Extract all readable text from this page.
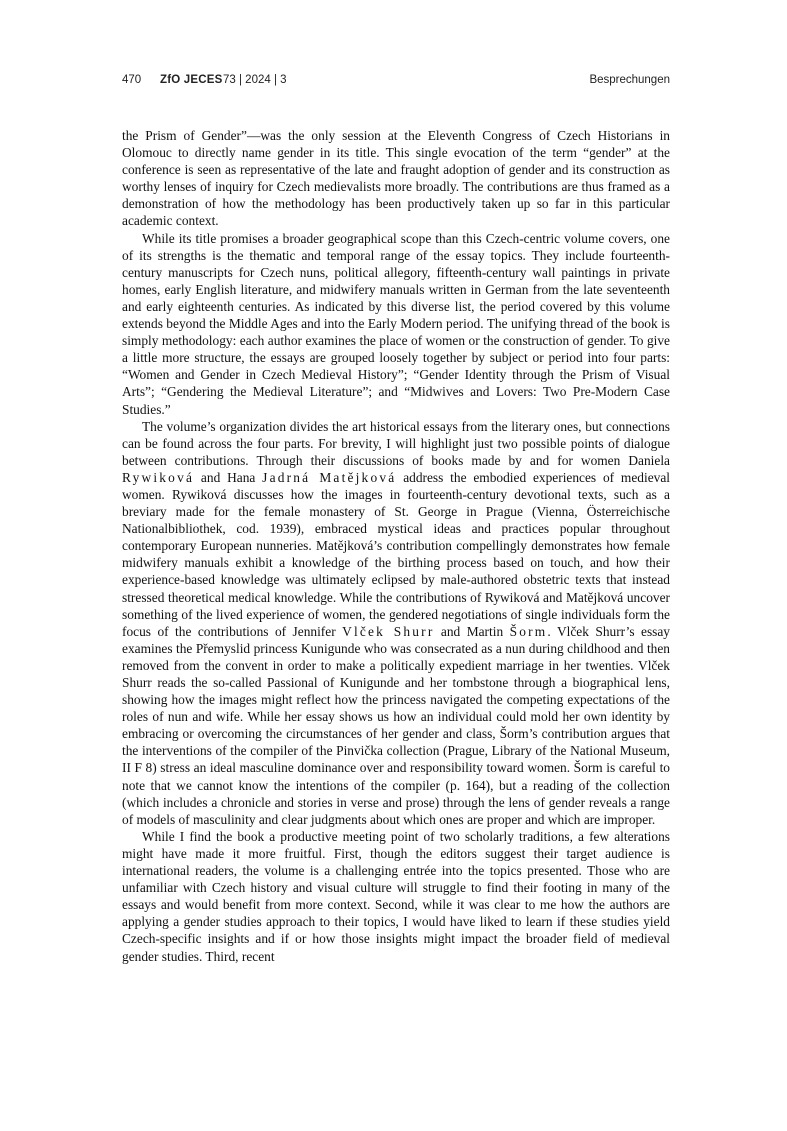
470 ZfO JECES 73 | 2024 | 3	Besprechungen

the Prism of Gender”—was the only session at the Eleventh Congress of Czech Historians in Olomouc to directly name gender in its title. This single evocation of the term “gender” at the conference is seen as representative of the late and fraught adoption of gender and its construction as worthy lenses of inquiry for Czech medievalists more broadly. The contributions are thus framed as a demonstration of how the methodology has been productively taken up so far in this particular academic context.

While its title promises a broader geographical scope than this Czech-centric volume covers, one of its strengths is the thematic and temporal range of the essay topics. They include fourteenth-century manuscripts for Czech nuns, political allegory, fifteenth-century wall paintings in private homes, early English literature, and midwifery manuals written in German from the late seventeenth and early eighteenth centuries. As indicated by this diverse list, the period covered by this volume extends beyond the Middle Ages and into the Early Modern period. The unifying thread of the book is simply methodology: each author examines the place of women or the construction of gender. To give a little more structure, the essays are grouped loosely together by subject or period into four parts: “Women and Gender in Czech Medieval History”; “Gender Identity through the Prism of Visual Arts”; “Gendering the Medieval Literature”; and “Midwives and Lovers: Two Pre-Modern Case Studies.”

The volume’s organization divides the art historical essays from the literary ones, but connections can be found across the four parts. For brevity, I will highlight just two possible points of dialogue between contributions. Through their discussions of books made by and for women Daniela Rywiková and Hana Jadrná Matějková address the embodied experiences of medieval women. Rywiková discusses how the images in fourteenth-century devotional texts, such as a breviary made for the female monastery of St. George in Prague (Vienna, Österreichische Nationalbibliothek, cod. 1939), embraced mystical ideas and practices popular throughout contemporary European nunneries. Matějková’s contribution compellingly demonstrates how female midwifery manuals exhibit a knowledge of the birthing process based on touch, and how their experience-based knowledge was ultimately eclipsed by male-authored obstetric texts that instead stressed theoretical medical knowledge. While the contributions of Rywiková and Matějková uncover something of the lived experience of women, the gendered negotiations of single individuals form the focus of the contributions of Jennifer Vlček Shurr and Martin Šorm. Vlček Shurr’s essay examines the Přemyslid princess Kunigunde who was consecrated as a nun during childhood and then removed from the convent in order to make a politically expedient marriage in her twenties. Vlček Shurr reads the so-called Passional of Kunigunde and her tombstone through a biographical lens, showing how the images might reflect how the princess navigated the competing expectations of the roles of nun and wife. While her essay shows us how an individual could mold her own identity by embracing or overcoming the circumstances of her gender and class, Šorm’s contribution argues that the interventions of the compiler of the Pinvička collection (Prague, Library of the National Museum, II F 8) stress an ideal masculine dominance over and responsibility toward women. Šorm is careful to note that we cannot know the intentions of the compiler (p. 164), but a reading of the collection (which includes a chronicle and stories in verse and prose) through the lens of gender reveals a range of models of masculinity and clear judgments about which ones are proper and which are improper.

While I find the book a productive meeting point of two scholarly traditions, a few alterations might have made it more fruitful. First, though the editors suggest their target audience is international readers, the volume is a challenging entrée into the topics presented. Those who are unfamiliar with Czech history and visual culture will struggle to find their footing in many of the essays and would benefit from more context. Second, while it was clear to me how the authors are applying a gender studies approach to their topics, I would have liked to learn if these studies yield Czech-specific insights and if or how those insights might impact the broader field of medieval gender studies. Third, recent
